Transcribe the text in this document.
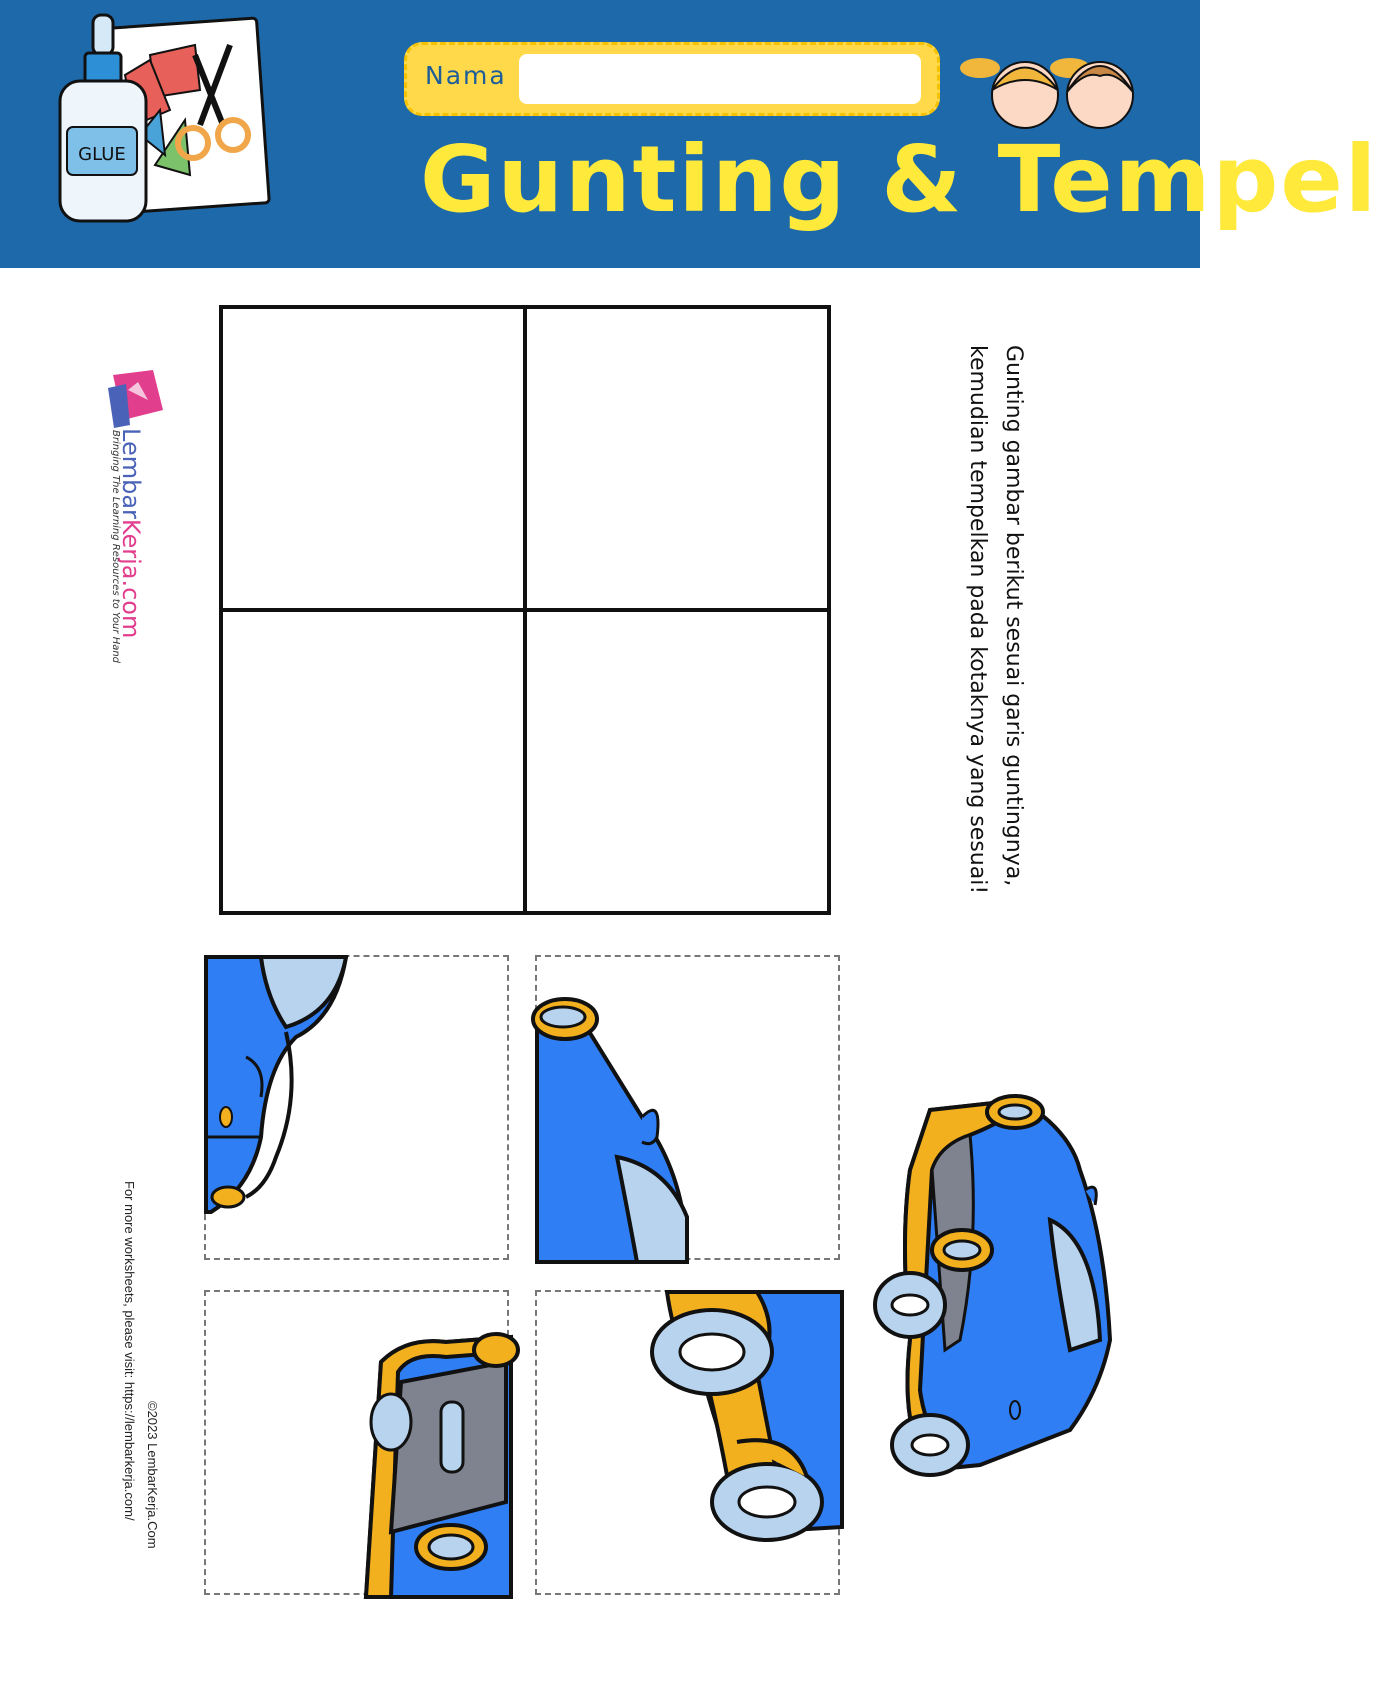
GLUE
Nama
Gunting & Tempel
LembarKerja.com
Bringing The Learning Resources to Your Hand
©2023 LembarKerja.Com
For more worksheets, please visit: https://lembarkerja.com/
Gunting gambar berikut sesuai garis guntingnya,
kemudian tempelkan pada kotaknya yang sesuai!
